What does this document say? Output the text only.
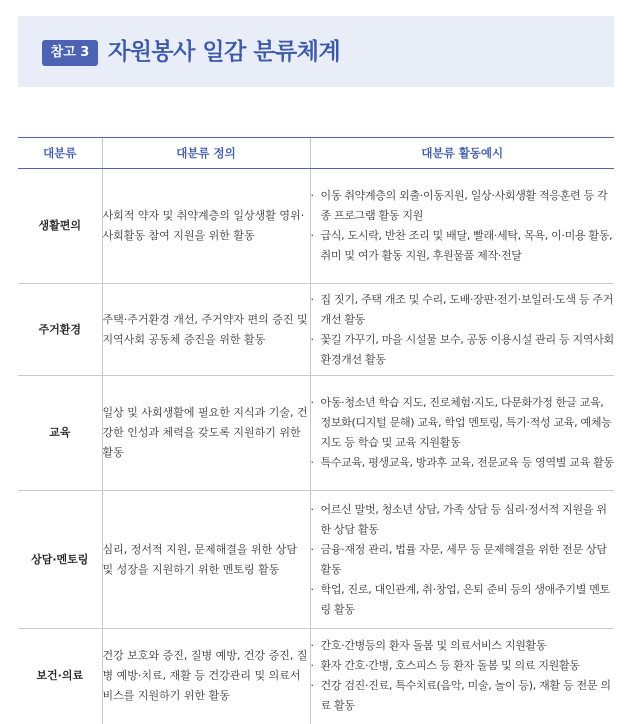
참고 3 자원봉사 일감 분류체계
대분류	대분류 정의	대분류 활동예시
생활편의	사회적 약자 및 취약계층의 일상생활 영위·사회활동 참여 지원을 위한 활동	· 이동 취약계층의 외출·이동지원, 일상·사회생활 적응훈련 등 각종 프로그램 활동 지원
· 급식, 도시락, 반찬 조리 및 배달, 빨래·세탁, 목욕, 이·미용 활동, 취미 및 여가 활동 지원, 후원물품 제작·전달

주거환경	주택·주거환경 개선, 주거약자 편의 증진 및 지역사회 공동체 증진을 위한 활동	· 집 짓기, 주택 개조 및 수리, 도배·장판·전기·보일러·도색 등 주거개선 활동
· 꽃길 가꾸기, 마을 시설물 보수, 공동 이용시설 관리 등 지역사회 환경개선 활동

교육	일상 및 사회생활에 필요한 지식과 기술, 건강한 인성과 체력을 갖도록 지원하기 위한 활동	· 아동·청소년 학습 지도, 진로체험·지도, 다문화가정 한글 교육, 정보화(디지털 문해) 교육, 학업 멘토링, 특기·적성 교육, 예체능 지도 등 학습 및 교육 지원활동
· 특수교육, 평생교육, 방과후 교육, 전문교육 등 영역별 교육 활동

상담·멘토링	심리, 정서적 지원, 문제해결을 위한 상담 및 성장을 지원하기 위한 멘토링 활동	· 어르신 말벗, 청소년 상담, 가족 상담 등 심리·정서적 지원을 위한 상담 활동
· 금융·재정 관리, 법률 자문, 세무 등 문제해결을 위한 전문 상담 활동
· 학업, 진로, 대인관계, 취·창업, 은퇴 준비 등의 생애주기별 멘토링 활동

보건·의료	건강 보호와 증진, 질병 예방, 건강 증진, 질병 예방·치료, 재활 등 건강관리 및 의료서비스를 지원하기 위한 활동	· 간호·간병등의 환자 돌봄 및 의료서비스 지원활동
· 환자 간호·간병, 호스피스 등 환자 돌봄 및 의료 지원활동
· 건강 검진·진료, 특수치료(음악, 미술, 놀이 등), 재활 등 전문 의료 활동
